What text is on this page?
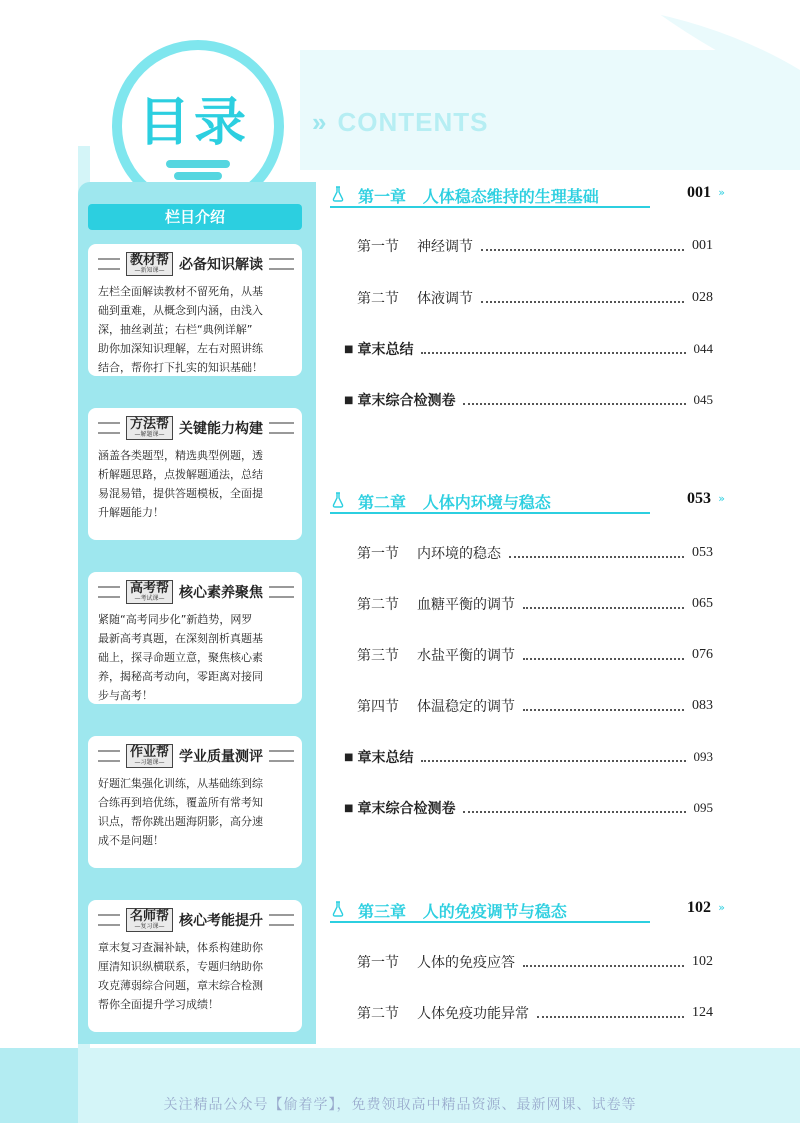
目录 » CONTENTS
栏目介绍
教材帮
—新知课— 必备知识解读
左栏全面解读教材不留死角，从基
础到重难，从概念到内涵，由浅入
深，抽丝剥茧；右栏“典例详解”
助你加深知识理解，左右对照讲练
结合，帮你打下扎实的知识基础！
方法帮
—解题课— 关键能力构建
涵盖各类题型，精选典型例题，透
析解题思路，点拨解题通法，总结
易混易错，提供答题模板，全面提
升解题能力！
高考帮
—考试课— 核心素养聚焦
紧随“高考同步化”新趋势，网罗
最新高考真题，在深刻剖析真题基
础上，探寻命题立意，聚焦核心素
养，揭秘高考动向，零距离对接同
步与高考！
作业帮
—习题课— 学业质量测评
好题汇集强化训练，从基础练到综
合练再到培优练，覆盖所有常考知
识点，帮你跳出题海阴影，高分速
成不是问题！
名师帮
—复习课— 核心考能提升
章末复习查漏补缺，体系构建助你
厘清知识纵横联系，专题归纳助你
攻克薄弱综合问题，章末综合检测
帮你全面提升学习成绩！
第一章 人体稳态维持的生理基础	001 »
第一节 神经调节	001
第二节 体液调节	028
■ 章末总结	044
■ 章末综合检测卷	045
第二章 人体内环境与稳态	053 »
第一节 内环境的稳态	053
第二节 血糖平衡的调节	065
第三节 水盐平衡的调节	076
第四节 体温稳定的调节	083
■ 章末总结	093
■ 章末综合检测卷	095
第三章 人的免疫调节与稳态	102 »
第一节 人体的免疫应答	102
第二节 人体免疫功能异常	124
关注精品公众号【偷着学】，免费领取高中精品资源、最新网课、试卷等
